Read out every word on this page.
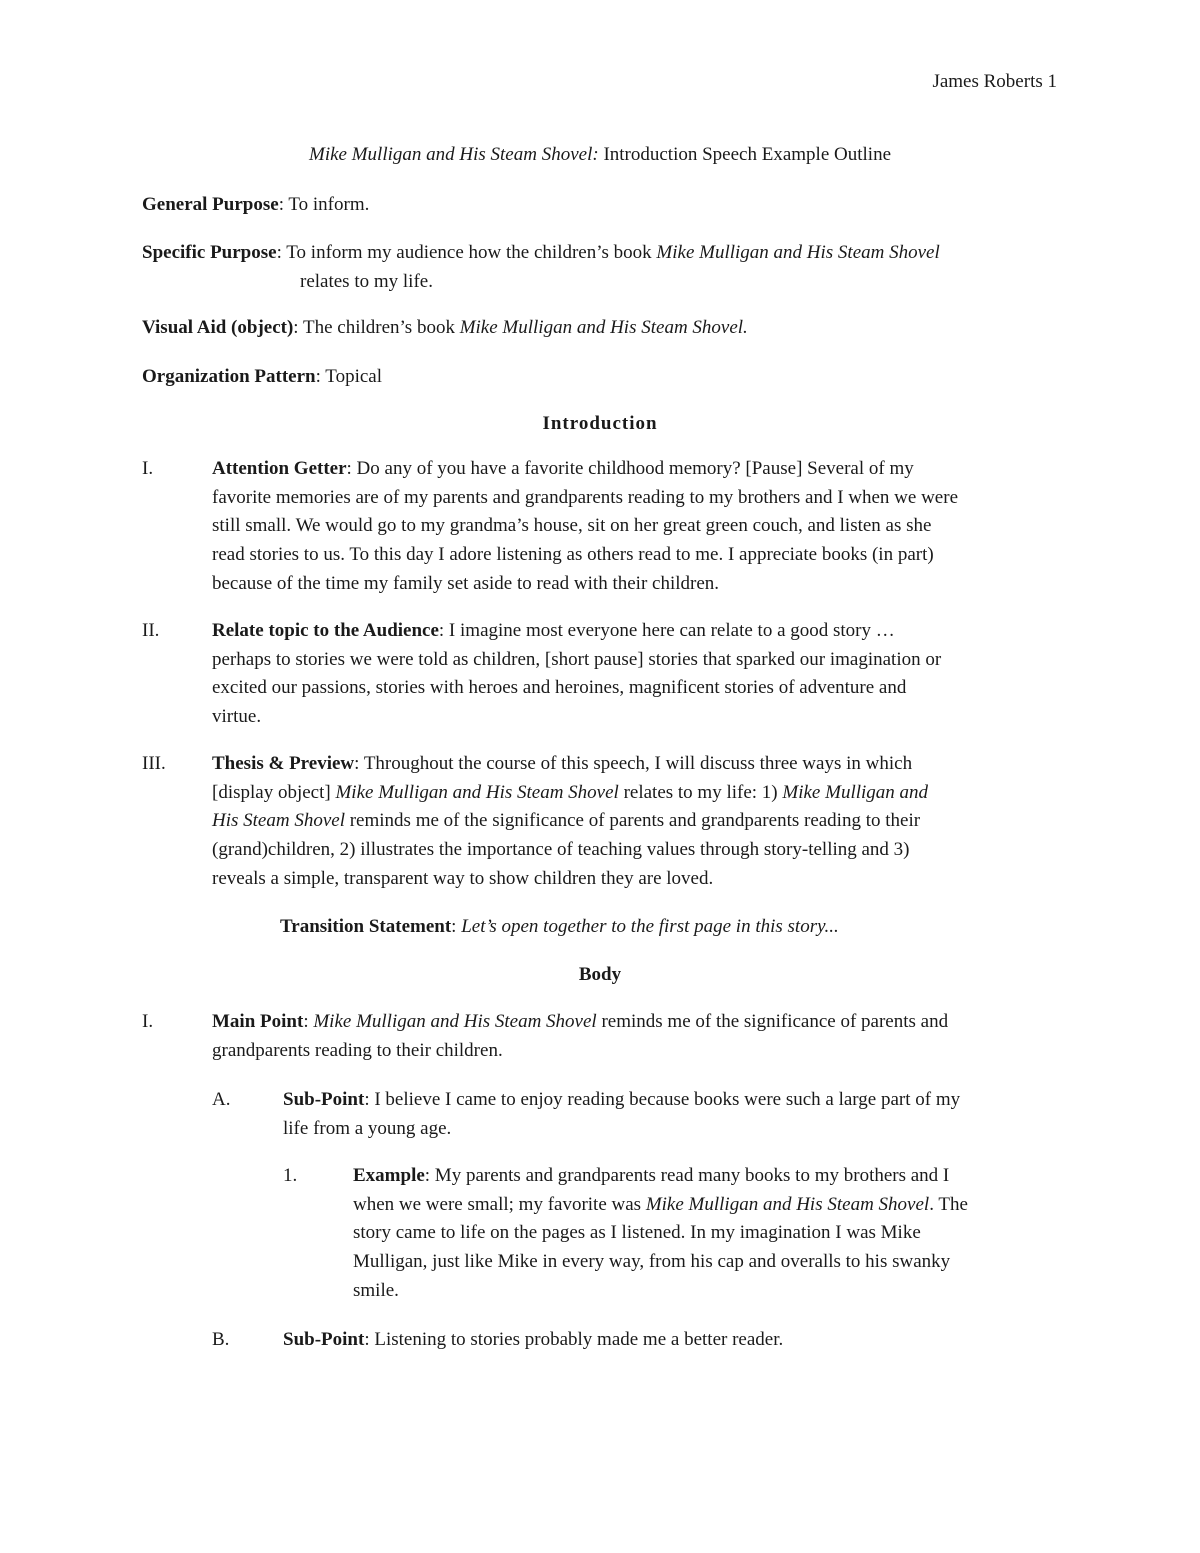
James Roberts 1
Mike Mulligan and His Steam Shovel: Introduction Speech Example Outline
General Purpose: To inform.
Specific Purpose: To inform my audience how the children’s book Mike Mulligan and His Steam Shovel
relates to my life.
Visual Aid (object): The children’s book Mike Mulligan and His Steam Shovel.
Organization Pattern: Topical
Introduction
I.	Attention Getter: Do any of you have a favorite childhood memory? [Pause] Several of my
favorite memories are of my parents and grandparents reading to my brothers and I when we were
still small. We would go to my grandma’s house, sit on her great green couch, and listen as she
read stories to us. To this day I adore listening as others read to me. I appreciate books (in part)
because of the time my family set aside to read with their children.
II.	Relate topic to the Audience: I imagine most everyone here can relate to a good story …
perhaps to stories we were told as children, [short pause] stories that sparked our imagination or
excited our passions, stories with heroes and heroines, magnificent stories of adventure and
virtue.
III. Thesis & Preview: Throughout the course of this speech, I will discuss three ways in which
[display object] Mike Mulligan and His Steam Shovel relates to my life: 1) Mike Mulligan and
His Steam Shovel reminds me of the significance of parents and grandparents reading to their
(grand)children, 2) illustrates the importance of teaching values through story-telling and 3)
reveals a simple, transparent way to show children they are loved.
Transition Statement: Let’s open together to the first page in this story...
Body
I.	Main Point: Mike Mulligan and His Steam Shovel reminds me of the significance of parents and
grandparents reading to their children.
A.	Sub-Point: I believe I came to enjoy reading because books were such a large part of my
life from a young age.
1.	Example: My parents and grandparents read many books to my brothers and I
when we were small; my favorite was Mike Mulligan and His Steam Shovel. The
story came to life on the pages as I listened. In my imagination I was Mike
Mulligan, just like Mike in every way, from his cap and overalls to his swanky
smile.
B.	Sub-Point: Listening to stories probably made me a better reader.
